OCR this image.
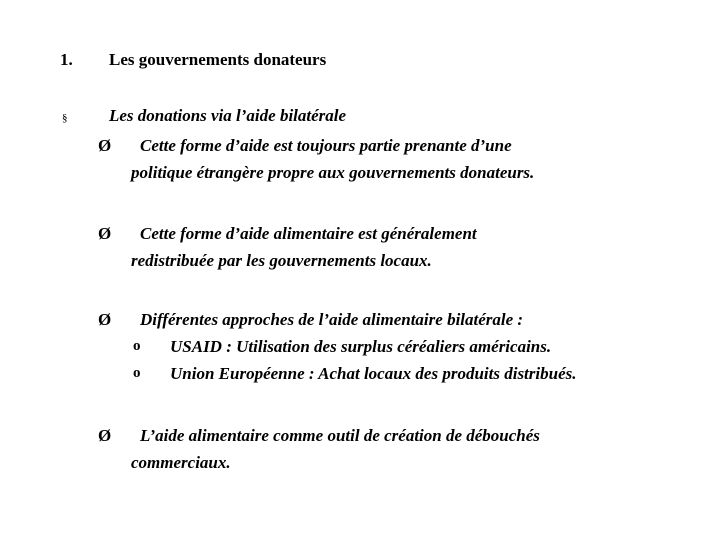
1. Les gouvernements donateurs
§ Les donations via l’aide bilatérale
Ø Cette forme d’aide est toujours partie prenante d’une
politique étrangère propre aux gouvernements donateurs.
Ø Cette forme d’aide alimentaire est généralement
redistribuée par les gouvernements locaux.
Ø Différentes approches de l’aide alimentaire bilatérale :
o USAID : Utilisation des surplus céréaliers américains.
o Union Européenne : Achat locaux des produits distribués.
Ø L’aide alimentaire comme outil de création de débouchés
commerciaux.
